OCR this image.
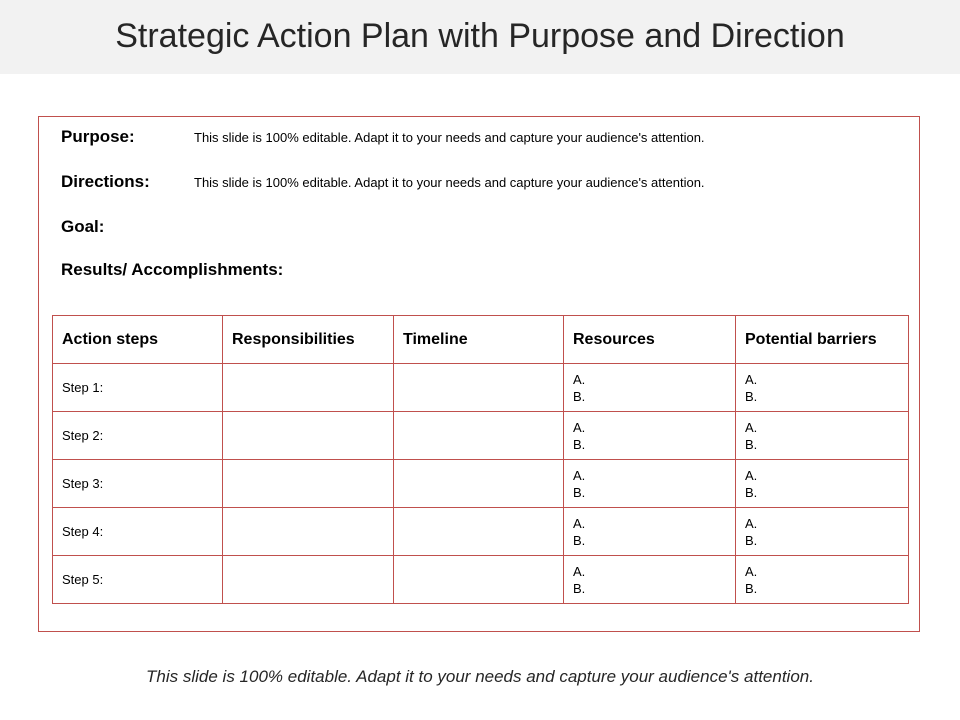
Strategic Action Plan with Purpose and Direction
Purpose:	This slide is 100% editable. Adapt it to your needs and capture your audience's attention.
Directions:	This slide is 100% editable. Adapt it to your needs and capture your audience's attention.
Goal:
Results/ Accomplishments:
Action steps	Responsibilities	Timeline	Resources	Potential barriers
Step 1:			A.
B.	A.
B.

Step 2:			A.
B.	A.
B.

Step 3:			A.
B.	A.
B.

Step 4:			A.
B.	A.
B.

Step 5:			A.
B.	A.
B.
This slide is 100% editable. Adapt it to your needs and capture your audience's attention.
